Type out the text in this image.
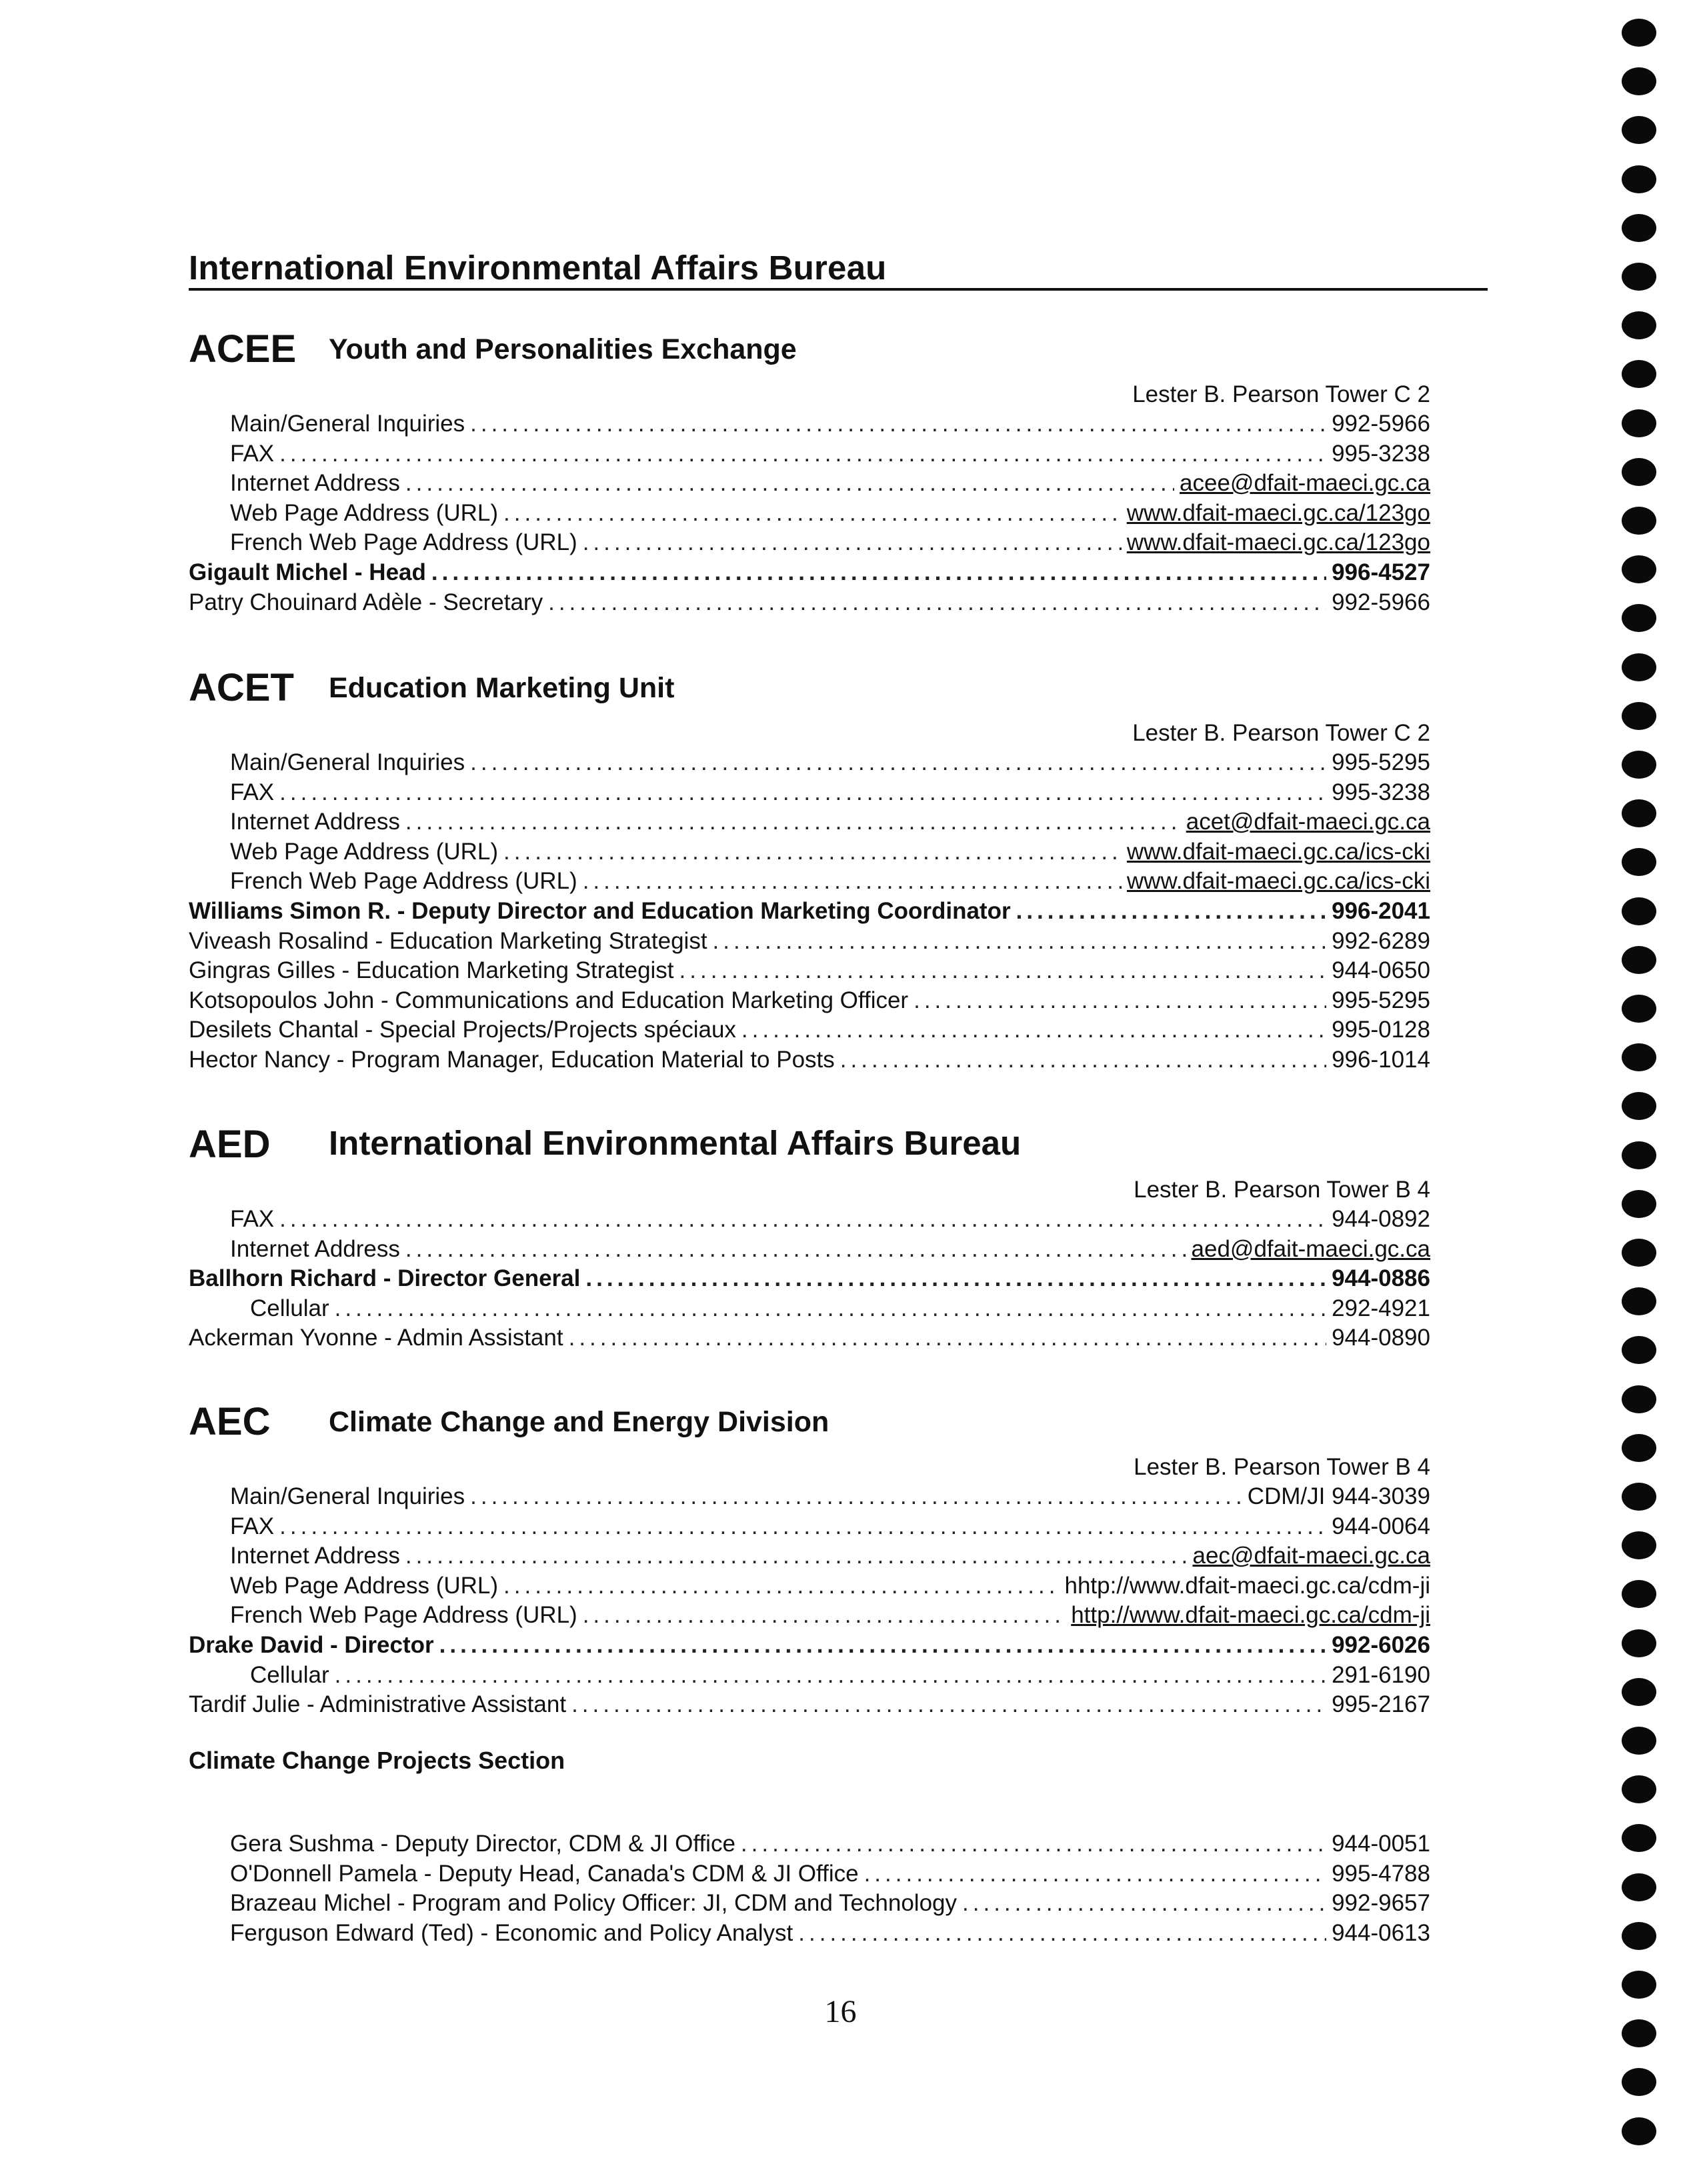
International Environmental Affairs Bureau
ACEE Youth and Personalities Exchange
Lester B. Pearson Tower C 2
Main/General Inquiries .....	992-5966
FAX .....	995-3238
Internet Address .....	acee@dfait-maeci.gc.ca
Web Page Address (URL) .....	www.dfait-maeci.gc.ca/123go
French Web Page Address (URL) .....	www.dfait-maeci.gc.ca/123go
Gigault Michel - Head .....	996-4527
Patry Chouinard Adèle - Secretary .....	992-5966
ACET Education Marketing Unit
Lester B. Pearson Tower C 2
Main/General Inquiries .....	995-5295
FAX .....	995-3238
Internet Address .....	acet@dfait-maeci.gc.ca
Web Page Address (URL) .....	www.dfait-maeci.gc.ca/ics-cki
French Web Page Address (URL) .....	www.dfait-maeci.gc.ca/ics-cki
Williams Simon R. - Deputy Director and Education Marketing Coordinator .....	996-2041
Viveash Rosalind - Education Marketing Strategist .....	992-6289
Gingras Gilles - Education Marketing Strategist .....	944-0650
Kotsopoulos John - Communications and Education Marketing Officer .....	995-5295
Desilets Chantal - Special Projects/Projects spéciaux .....	995-0128
Hector Nancy - Program Manager, Education Material to Posts .....	996-1014
AED International Environmental Affairs Bureau
Lester B. Pearson Tower B 4
FAX .....	944-0892
Internet Address .....	aed@dfait-maeci.gc.ca
Ballhorn Richard - Director General .....	944-0886
Cellular .....	292-4921
Ackerman Yvonne - Admin Assistant .....	944-0890
AEC Climate Change and Energy Division
Lester B. Pearson Tower B 4
Main/General Inquiries .....	CDM/JI 944-3039
FAX .....	944-0064
Internet Address .....	aec@dfait-maeci.gc.ca
Web Page Address (URL) .....	hhtp://www.dfait-maeci.gc.ca/cdm-ji
French Web Page Address (URL) .....	http://www.dfait-maeci.gc.ca/cdm-ji
Drake David - Director .....	992-6026
Cellular .....	291-6190
Tardif Julie - Administrative Assistant .....	995-2167
Climate Change Projects Section
Gera Sushma - Deputy Director, CDM & JI Office .....	944-0051
O'Donnell Pamela - Deputy Head, Canada's CDM & JI Office .....	995-4788
Brazeau Michel - Program and Policy Officer: JI, CDM and Technology .....	992-9657
Ferguson Edward (Ted) - Economic and Policy Analyst .....	944-0613
16
